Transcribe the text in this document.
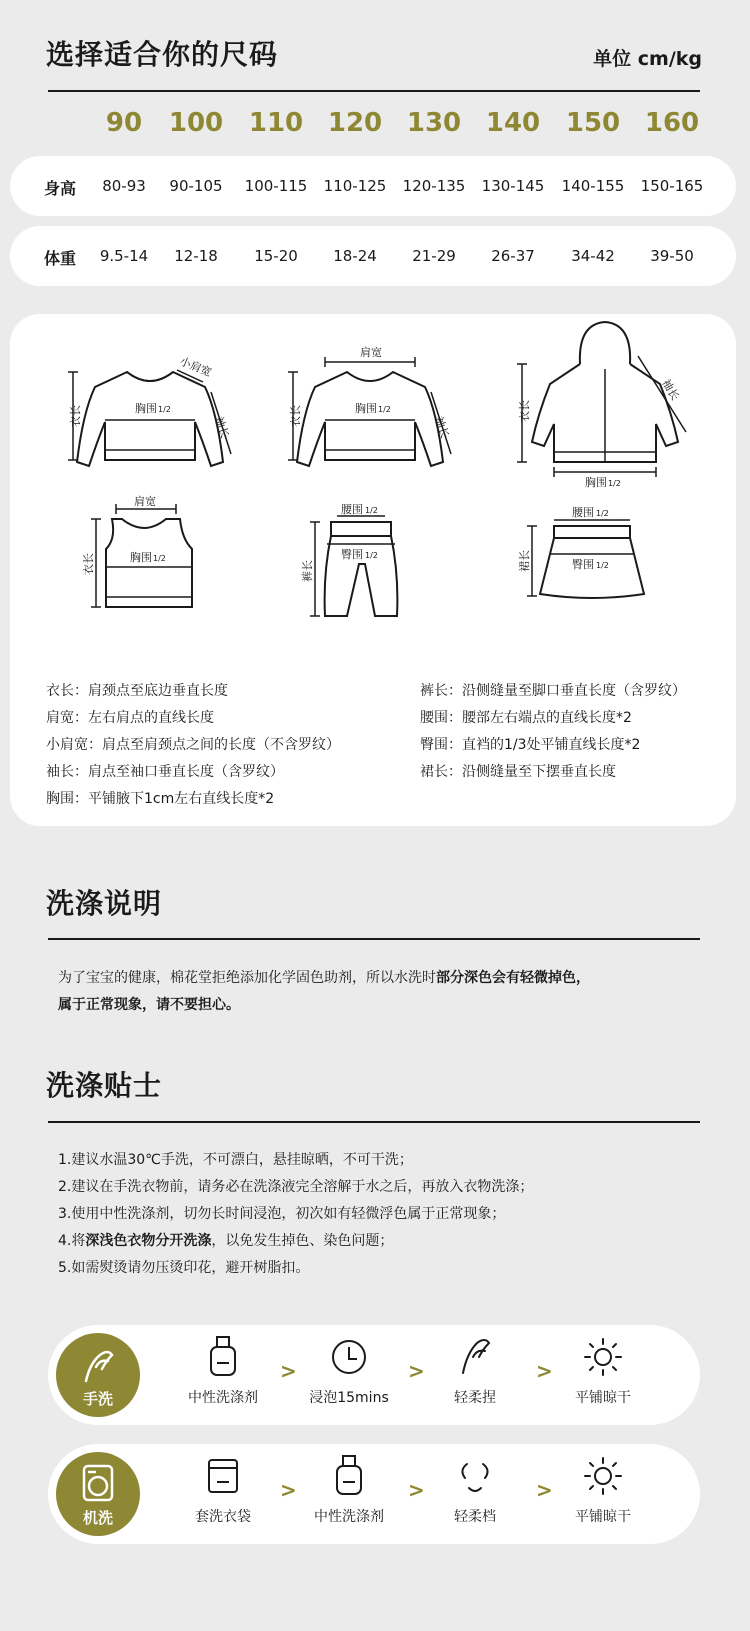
选择适合你的尺码	单位 cm/kg
90	100 110 120 130 140 150 160
身高	80-93	90-105	100-115	110-125	120-135	130-145	140-155	150-165
体重	9.5-14	12-18	15-20	18-24	21-29	26-37	34-42	39-50
衣长	胸围 1/2
小肩宽
袖长	衣长	胸围 1/2
肩宽
袖长
衣长
胸围 1/2
袖长
肩宽
衣长	胸围 1/2
腰围 1/2
臀围 1/2
裤长
腰围 1/2
臀围 1/2
裙长
衣长：肩颈点至底边垂直长度
肩宽：左右肩点的直线长度
小肩宽：肩点至肩颈点之间的长度（不含罗纹）
袖长：肩点至袖口垂直长度（含罗纹）
胸围：平铺腋下1cm左右直线长度*2
裤长：沿侧缝量至脚口垂直长度（含罗纹）
腰围：腰部左右端点的直线长度*2
臀围：直裆的1/3处平铺直线长度*2
裙长：沿侧缝量至下摆垂直长度
洗涤说明
为了宝宝的健康，棉花堂拒绝添加化学固色助剂，所以水洗时部分深色会有轻微掉色，
属于正常现象，请不要担心。
洗涤贴士
1.建议水温30℃手洗，不可漂白，悬挂晾晒，不可干洗；
2.建议在手洗衣物前，请务必在洗涤液完全溶解于水之后，再放入衣物洗涤；
3.使用中性洗涤剂，切勿长时间浸泡，初次如有轻微浮色属于正常现象；
4.将深浅色衣物分开洗涤，以免发生掉色、染色问题；
5.如需熨烫请勿压烫印花，避开树脂扣。
手洗	中性洗涤剂
>
浸泡15mins
>
轻柔捏
>
平铺晾干
机洗	套洗衣袋
>
中性洗涤剂
>
轻柔档
>
平铺晾干
